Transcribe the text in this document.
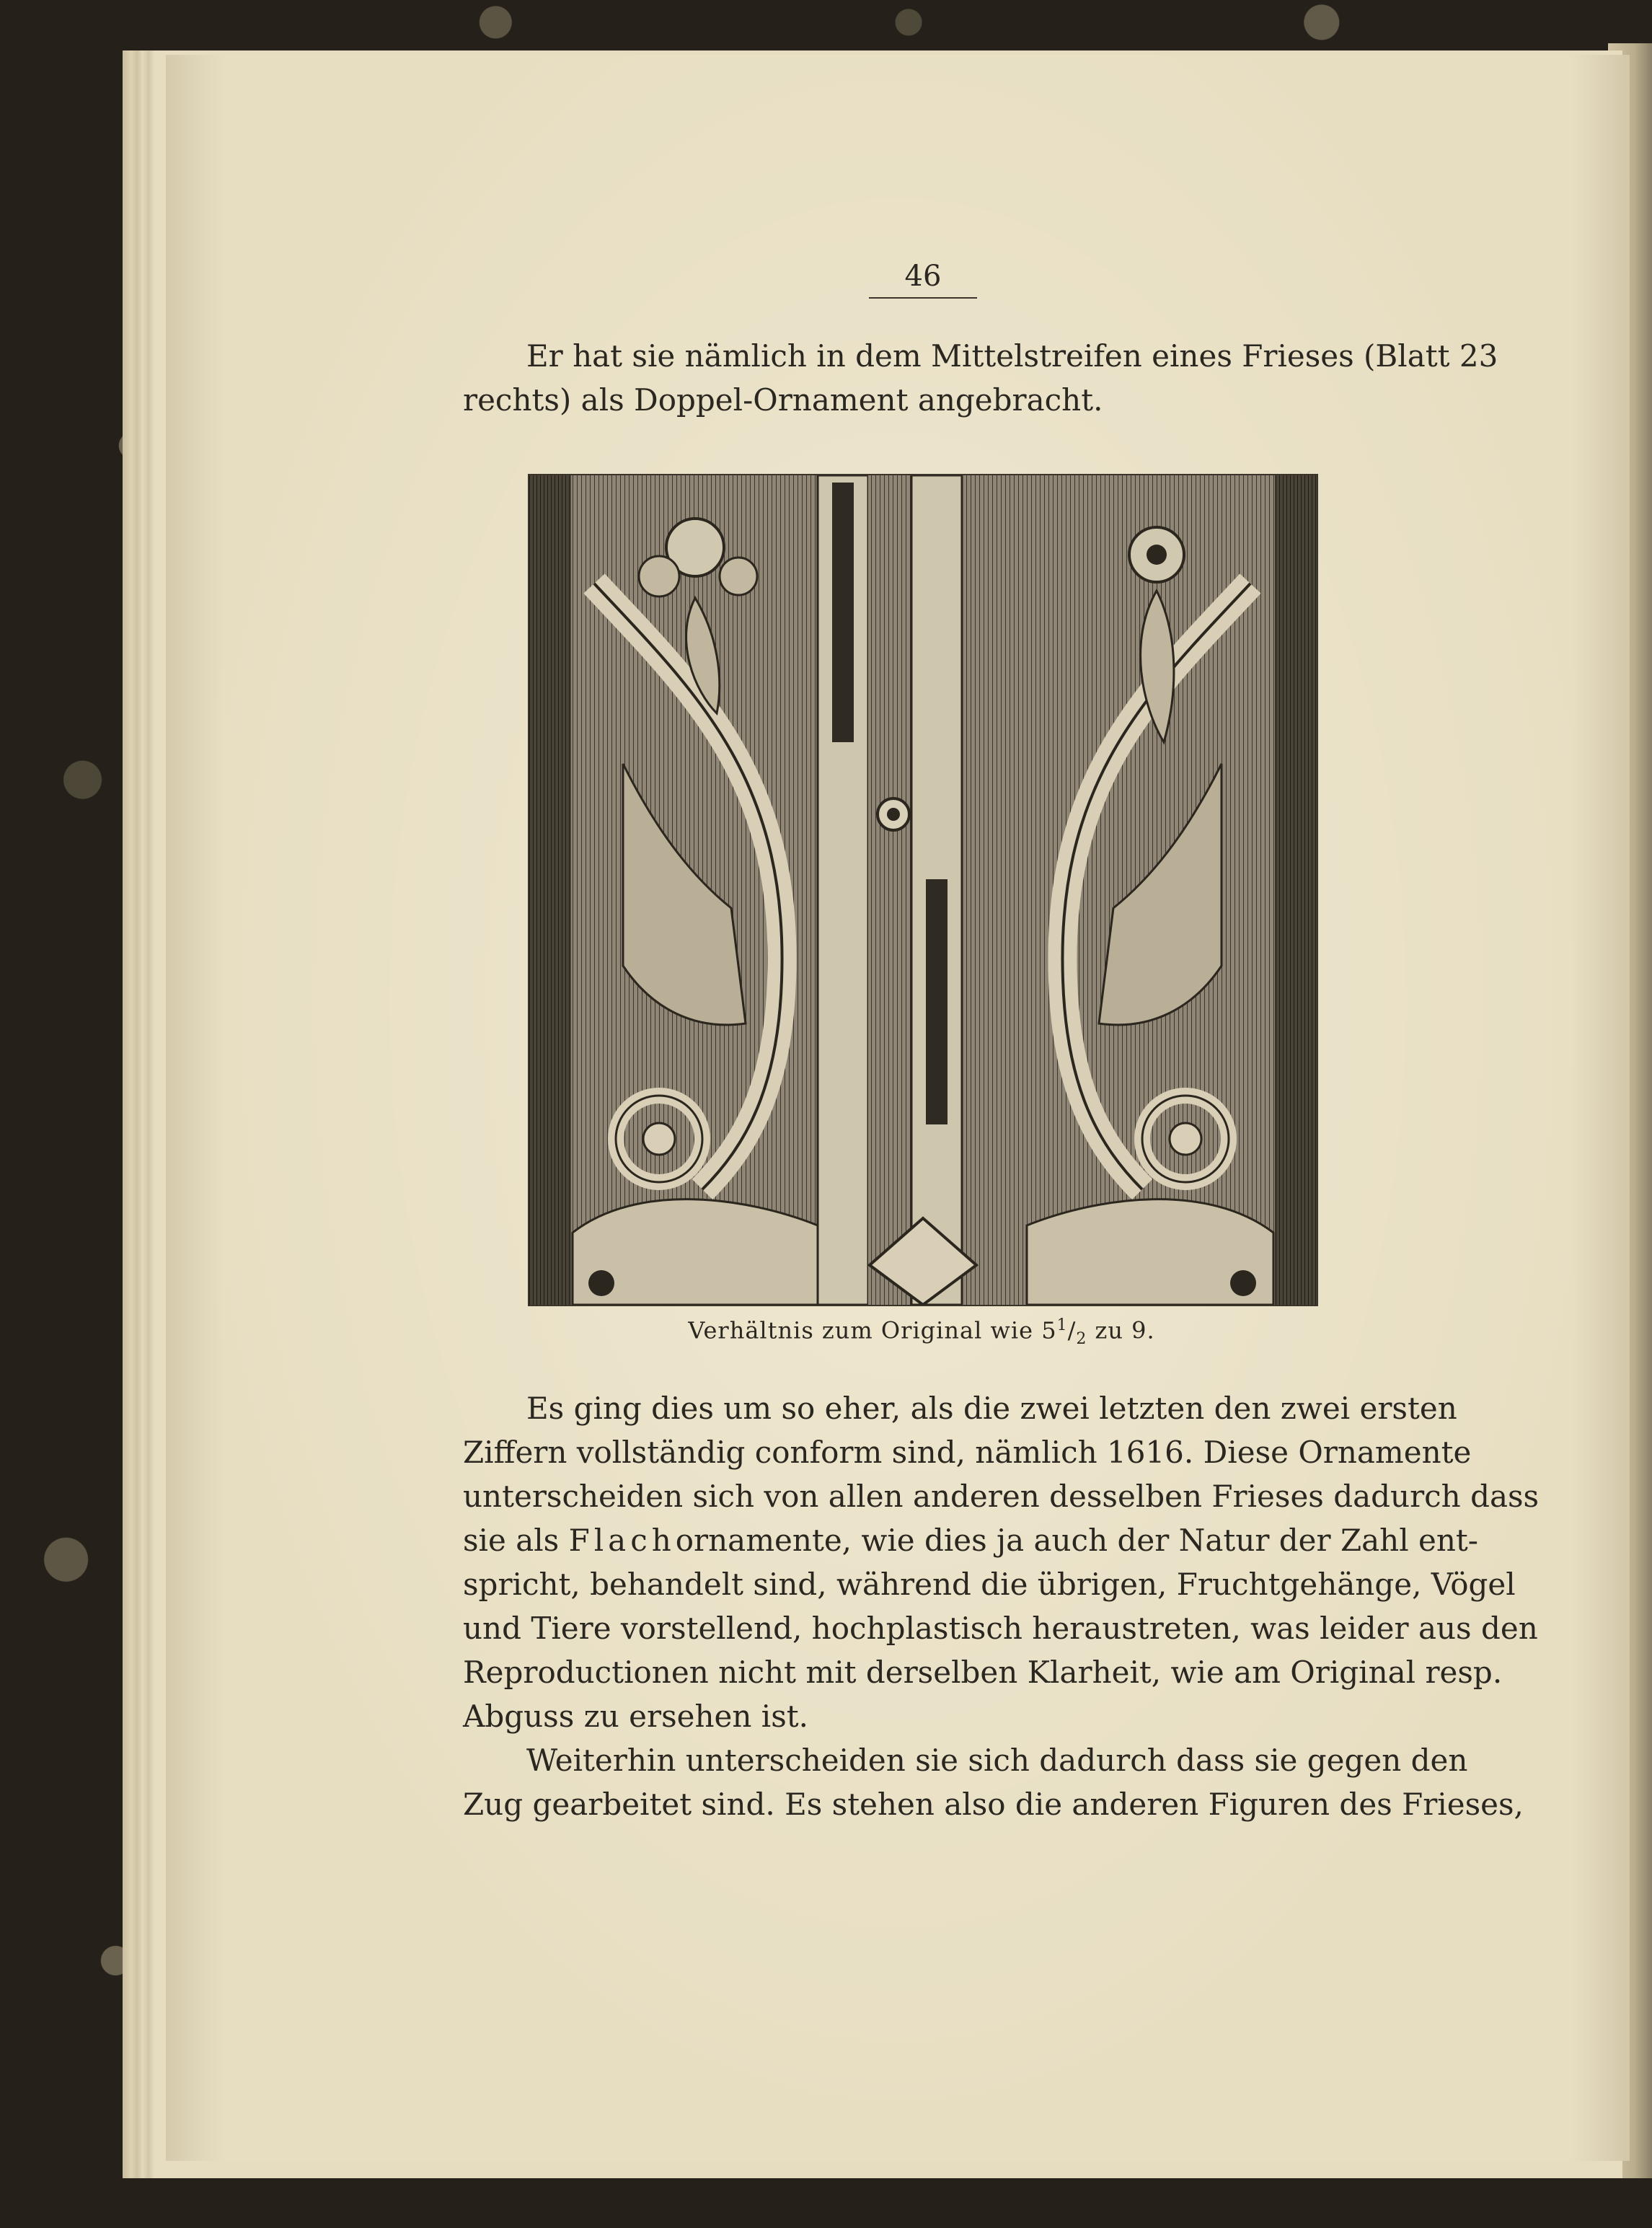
46
Er hat sie nämlich in dem Mittelstreifen eines Frieses (Blatt 23
rechts) als Doppel-Ornament angebracht.
Verhältnis zum Original wie $5^1/_2$ zu 9.
Es ging dies um so eher, als die zwei letzten den zwei ersten
Ziffern vollständig conform sind, nämlich 1616. Diese Ornamente
unterscheiden sich von allen anderen desselben Frieses dadurch dass
sie als Flachornamente, wie dies ja auch der Natur der Zahl ent-
spricht, behandelt sind, während die übrigen, Fruchtgehänge, Vögel
und Tiere vorstellend, hochplastisch heraustreten, was leider aus den
Reproductionen nicht mit derselben Klarheit, wie am Original resp.
Abguss zu ersehen ist.
Weiterhin unterscheiden sie sich dadurch dass sie gegen den
Zug gearbeitet sind. Es stehen also die anderen Figuren des Frieses,
